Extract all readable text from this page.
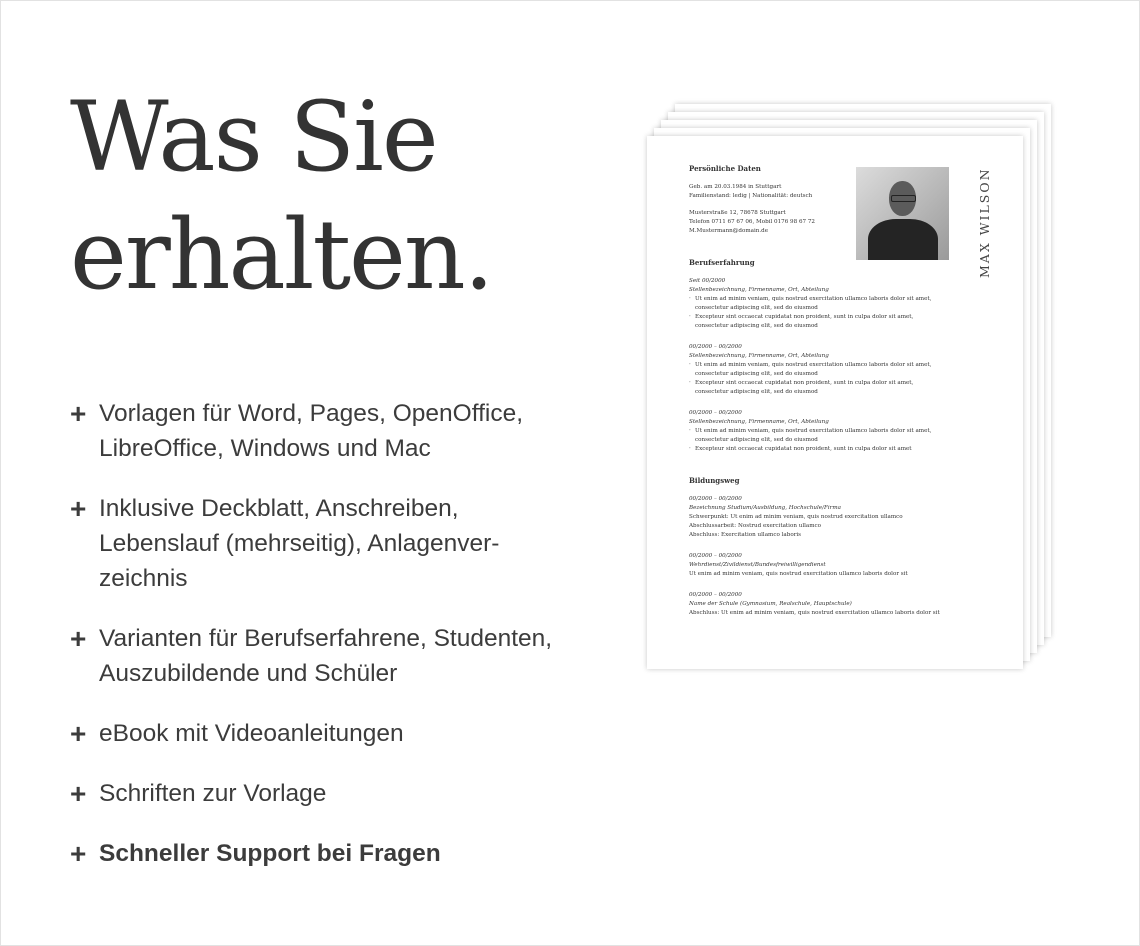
Was Sie
erhalten.
+ Vorlagen für Word, Pages, OpenOffice,
LibreOffice, Windows und Mac
+ Inklusive Deckblatt, Anschreiben,
Lebenslauf (mehrseitig), Anlagenver-
zeichnis
+ Varianten für Berufserfahrene, Studenten,
Auszubildende und Schüler
+ eBook mit Videoanleitungen
+ Schriften zur Vorlage
+ Schneller Support bei Fragen

Persönliche Daten

Geb. am 20.03.1984 in Stuttgart

Familienstand: ledig | Nationalität: deutsch

Musterstraße 12, 78678 Stuttgart

Telefon 0711 67 67 06, Mobil 0176 98 67 72

M.Mustermann@domain.de

Berufserfahrung

Seit 00/2000

Stellenbezeichnung, Firmenname, Ort, Abteilung

· Ut enim ad minim veniam, quis nostrud exercitation ullamco laboris dolor sit amet,

consectetur adipiscing elit, sed do eiusmod

· Excepteur sint occaecat cupidatat non proident, sunt in culpa dolor sit amet,

consectetur adipiscing elit, sed do eiusmod

00/2000 – 00/2000

Stellenbezeichnung, Firmenname, Ort, Abteilung

· Ut enim ad minim veniam, quis nostrud exercitation ullamco laboris dolor sit amet,

consectetur adipiscing elit, sed do eiusmod

· Excepteur sint occaecat cupidatat non proident, sunt in culpa dolor sit amet,

consectetur adipiscing elit, sed do eiusmod

00/2000 – 00/2000

Stellenbezeichnung, Firmenname, Ort, Abteilung

· Ut enim ad minim veniam, quis nostrud exercitation ullamco laboris dolor sit amet,

consectetur adipiscing elit, sed do eiusmod

· Excepteur sint occaecat cupidatat non proident, sunt in culpa dolor sit amet

Bildungsweg

00/2000 – 00/2000

Bezeichnung Studium/Ausbildung, Hochschule/Firma

Schwerpunkt: Ut enim ad minim veniam, quis nostrud exercitation ullamco

Abschlussarbeit: Nostrud exercitation ullamco

Abschluss: Exercitation ullamco laboris

00/2000 – 00/2000

Wehrdienst/Zivildienst/Bundesfreiwilligendienst

Ut enim ad minim veniam, quis nostrud exercitation ullamco laboris dolor sit

00/2000 – 00/2000

Name der Schule (Gymnasium, Realschule, Hauptschule)

Abschluss: Ut enim ad minim veniam, quis nostrud exercitation ullamco laboris dolor sit

MAX WILSON
